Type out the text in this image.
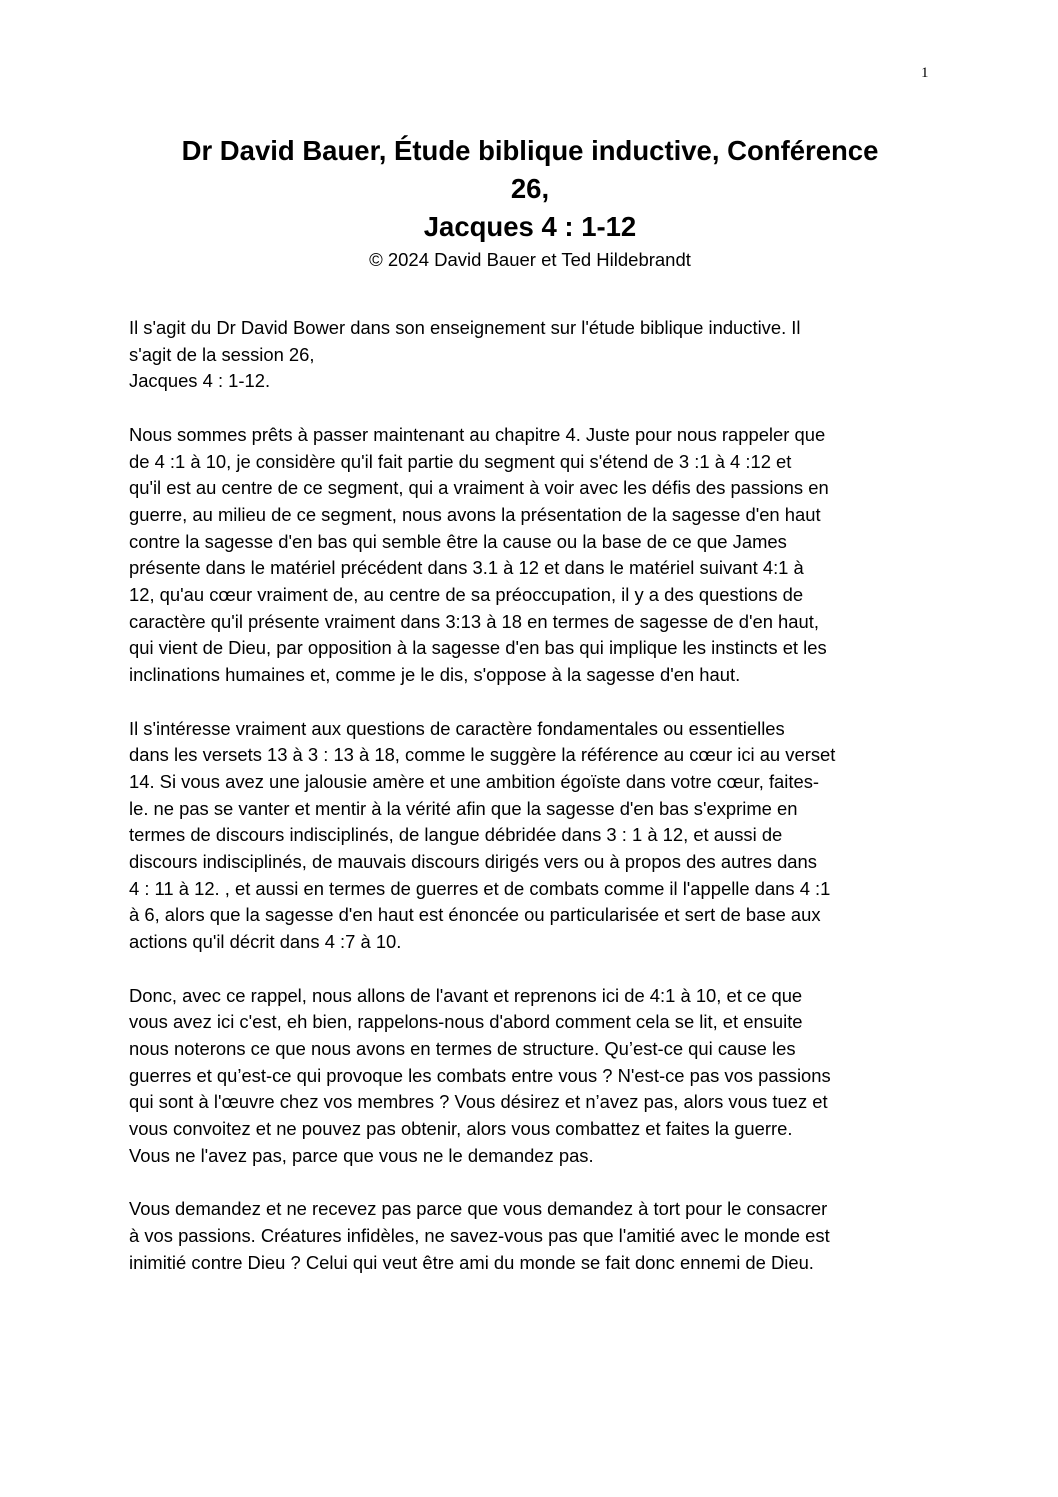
1
Dr David Bauer, Étude biblique inductive, Conférence
26,
Jacques 4 : 1-12
© 2024 David Bauer et Ted Hildebrandt

Il s'agit du Dr David Bower dans son enseignement sur l'étude biblique inductive. Il
s'agit de la session 26,
Jacques 4 : 1-12.

Nous sommes prêts à passer maintenant au chapitre 4. Juste pour nous rappeler que
de 4 :1 à 10, je considère qu'il fait partie du segment qui s'étend de 3 :1 à 4 :12 et
qu'il est au centre de ce segment, qui a vraiment à voir avec les défis des passions en
guerre, au milieu de ce segment, nous avons la présentation de la sagesse d'en haut
contre la sagesse d'en bas qui semble être la cause ou la base de ce que James
présente dans le matériel précédent dans 3.1 à 12 et dans le matériel suivant 4:1 à
12, qu'au cœur vraiment de, au centre de sa préoccupation, il y a des questions de
caractère qu'il présente vraiment dans 3:13 à 18 en termes de sagesse de d'en haut,
qui vient de Dieu, par opposition à la sagesse d'en bas qui implique les instincts et les
inclinations humaines et, comme je le dis, s'oppose à la sagesse d'en haut.

Il s'intéresse vraiment aux questions de caractère fondamentales ou essentielles
dans les versets 13 à 3 : 13 à 18, comme le suggère la référence au cœur ici au verset
14. Si vous avez une jalousie amère et une ambition égoïste dans votre cœur, faites-
le. ne pas se vanter et mentir à la vérité afin que la sagesse d'en bas s'exprime en
termes de discours indisciplinés, de langue débridée dans 3 : 1 à 12, et aussi de
discours indisciplinés, de mauvais discours dirigés vers ou à propos des autres dans
4 : 11 à 12. , et aussi en termes de guerres et de combats comme il l'appelle dans 4 :1
à 6, alors que la sagesse d'en haut est énoncée ou particularisée et sert de base aux
actions qu'il décrit dans 4 :7 à 10.

Donc, avec ce rappel, nous allons de l'avant et reprenons ici de 4:1 à 10, et ce que
vous avez ici c'est, eh bien, rappelons-nous d'abord comment cela se lit, et ensuite
nous noterons ce que nous avons en termes de structure. Qu’est-ce qui cause les
guerres et qu’est-ce qui provoque les combats entre vous ? N'est-ce pas vos passions
qui sont à l'œuvre chez vos membres ? Vous désirez et n’avez pas, alors vous tuez et
vous convoitez et ne pouvez pas obtenir, alors vous combattez et faites la guerre.
Vous ne l'avez pas, parce que vous ne le demandez pas.

Vous demandez et ne recevez pas parce que vous demandez à tort pour le consacrer
à vos passions. Créatures infidèles, ne savez-vous pas que l'amitié avec le monde est
inimitié contre Dieu ? Celui qui veut être ami du monde se fait donc ennemi de Dieu.
